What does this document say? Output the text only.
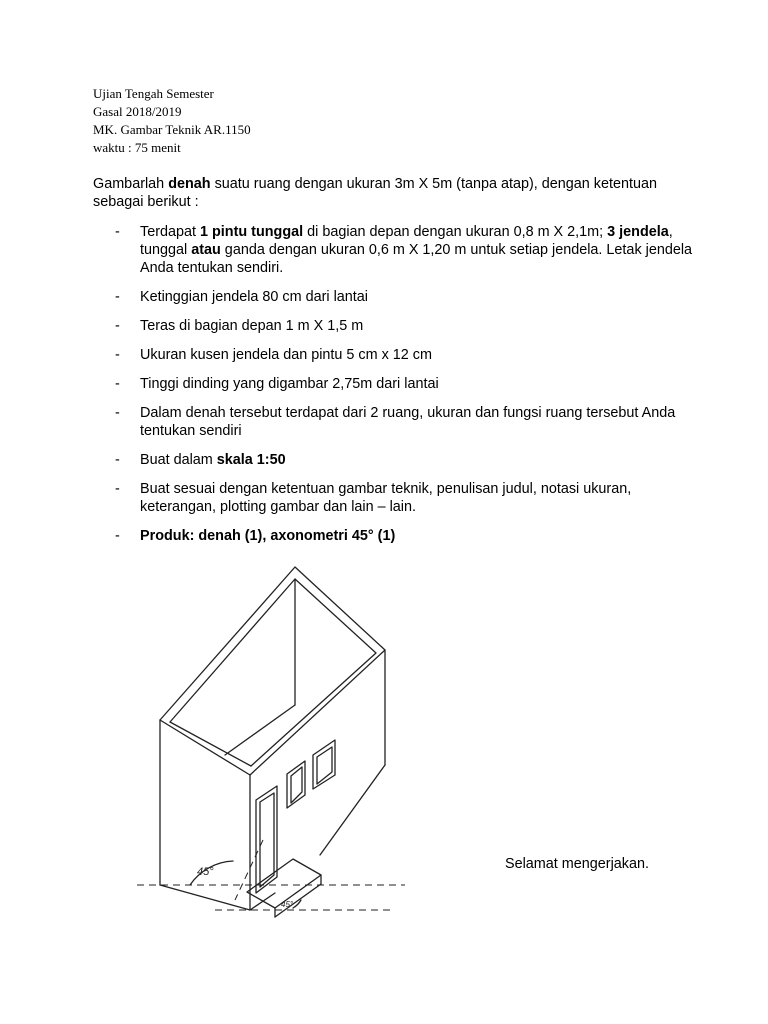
Ujian Tengah Semester
Gasal 2018/2019
MK. Gambar Teknik AR.1150
waktu : 75 menit

Gambarlah denah suatu ruang dengan ukuran 3m X 5m (tanpa atap), dengan ketentuan sebagai berikut :

- Terdapat 1 pintu tunggal di bagian depan dengan ukuran 0,8 m X 2,1m; 3 jendela, tunggal atau ganda dengan ukuran 0,6 m X 1,20 m untuk setiap jendela. Letak jendela Anda tentukan sendiri.
- Ketinggian jendela 80 cm dari lantai
- Teras di bagian depan 1 m X 1,5 m
- Ukuran kusen jendela dan pintu 5 cm x 12 cm
- Tinggi dinding yang digambar 2,75m dari lantai
- Dalam denah tersebut terdapat dari 2 ruang, ukuran dan fungsi ruang tersebut Anda tentukan sendiri
- Buat dalam skala 1:50
- Buat sesuai dengan ketentuan gambar teknik, penulisan judul, notasi ukuran, keterangan, plotting gambar dan lain – lain.
- Produk: denah (1), axonometri 45° (1)
45°
45°
Selamat mengerjakan.
